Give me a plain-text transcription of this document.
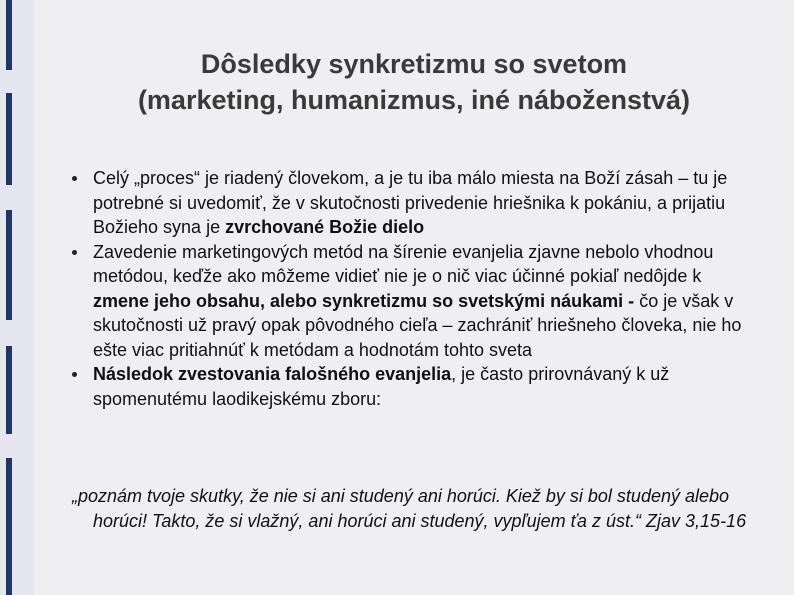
Dôsledky synkretizmu so svetom
(marketing, humanizmus, iné náboženstvá)
Celý „proces“ je riadený človekom, a je tu iba málo miesta na Boží zásah – tu je potrebné si uvedomiť, že v skutočnosti privedenie hriešnika k pokániu, a prijatiu Božieho syna je zvrchované Božie dielo
Zavedenie marketingových metód na šírenie evanjelia zjavne nebolo vhodnou metódou, keďže ako môžeme vidieť nie je o nič viac účinné pokiaľ nedôjde k zmene jeho obsahu, alebo synkretizmu so svetskými náukami - čo je však v skutočnosti už pravý opak pôvodného cieľa – zachrániť hriešneho človeka, nie ho ešte viac pritiahnúť k metódam a hodnotám tohto sveta
Následok zvestovania falošného evanjelia, je často prirovnávaný k už spomenutému laodikejskému zboru:

„poznám tvoje skutky, že nie si ani studený ani horúci. Kiež by si bol studený alebo horúci! Takto, že si vlažný, ani horúci ani studený, vypľujem ťa z úst.“ Zjav 3,15-16
